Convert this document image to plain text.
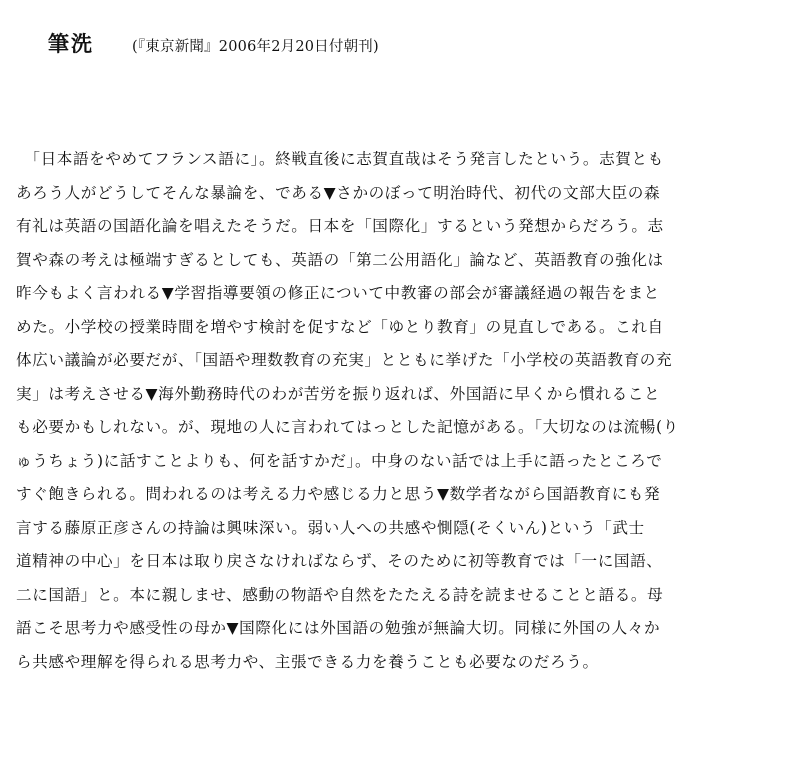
筆洗	(『東京新聞』2006年2月20日付朝刊)
　「日本語をやめてフランス語に」。終戦直後に志賀直哉はそう発言したという。志賀とも
あろう人がどうしてそんな暴論を、である▼さかのぼって明治時代、初代の文部大臣の森
有礼は英語の国語化論を唱えたそうだ。日本を「国際化」するという発想からだろう。志
賀や森の考えは極端すぎるとしても、英語の「第二公用語化」論など、英語教育の強化は
昨今もよく言われる▼学習指導要領の修正について中教審の部会が審議経過の報告をまと
めた。小学校の授業時間を増やす検討を促すなど「ゆとり教育」の見直しである。これ自
体広い議論が必要だが、「国語や理数教育の充実」とともに挙げた「小学校の英語教育の充
実」は考えさせる▼海外勤務時代のわが苦労を振り返れば、外国語に早くから慣れること
も必要かもしれない。が、現地の人に言われてはっとした記憶がある。「大切なのは流暢(り
ゅうちょう)に話すことよりも、何を話すかだ」。中身のない話では上手に語ったところで
すぐ飽きられる。問われるのは考える力や感じる力と思う▼数学者ながら国語教育にも発
言する藤原正彦さんの持論は興味深い。弱い人への共感や惻隠(そくいん)という「武士
道精神の中心」を日本は取り戻さなければならず、そのために初等教育では「一に国語、
二に国語」と。本に親しませ、感動の物語や自然をたたえる詩を読ませることと語る。母
語こそ思考力や感受性の母か▼国際化には外国語の勉強が無論大切。同様に外国の人々か
ら共感や理解を得られる思考力や、主張できる力を養うことも必要なのだろう。
